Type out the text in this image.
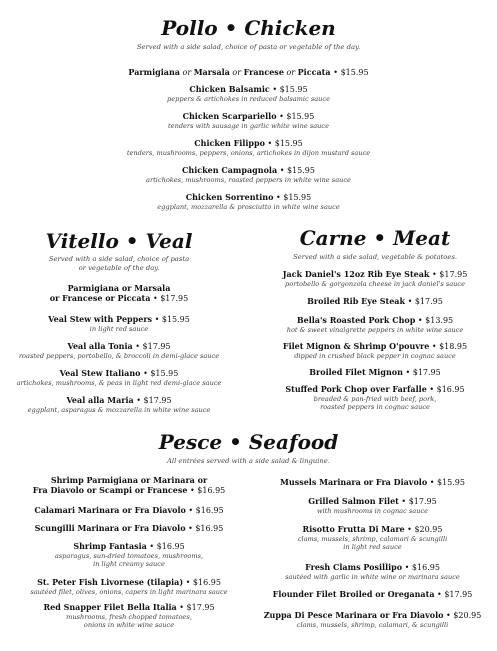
Pollo • Chicken
Served with a side salad, choice of pasta or vegetable of the day.
Parmigiana or Marsala or Francese or Piccata • $15.95
Chicken Balsamic • $15.95
peppers & artichokes in reduced balsamic sauce
Chicken Scarpariello • $15.95
tenders with sausage in garlic white wine sauce
Chicken Filippo • $15.95
tenders, mushrooms, peppers, onions, artichokes in dijon mustard sauce
Chicken Campagnola • $15.95
artichokes, mushrooms, roasted peppers in white wine sauce
Chicken Sorrentino • $15.95
eggplant, mozzarella & prosciutto in white wine sauce
Vitello • Veal
Served with a side salad, choice of pasta
or vegetable of the day.
Parmigiana or Marsala
or Francese or Piccata • $17.95
Veal Stew with Peppers • $15.95
in light red sauce
Veal alla Tonia • $17.95
roasted peppers, portobello, & broccoli in demi-glace sauce
Veal Stew Italiano • $15.95
artichokes, mushrooms, & peas in light red demi-glace sauce
Veal alla Maria • $17.95
eggplant, asparagus & mozzarella in white wine sauce
Carne • Meat
Served with a side salad, vegetable & potatoes.
Jack Daniel's 12oz Rib Eye Steak • $17.95
portobello & gorgonzola cheese in jack daniel's sauce
Broiled Rib Eye Steak • $17.95
Bella's Roasted Pork Chop • $13.95
hot & sweet vinaigrette peppers in white wine sauce
Filet Mignon & Shrimp O'pouvre • $18.95
dipped in crushed black pepper in cognac sauce
Broiled Filet Mignon • $17.95
Stuffed Pork Chop over Farfalle • $16.95
breaded & pan-fried with beef, pork,
roasted peppers in cognac sauce
Pesce • Seafood
All entrées served with a side salad & linguine.
Shrimp Parmigiana or Marinara or
Fra Diavolo or Scampi or Francese • $16.95
Calamari Marinara or Fra Diavolo • $16.95
Scungilli Marinara or Fra Diavolo • $16.95
Shrimp Fantasia • $16.95
asparagus, sun-dried tomatoes, mushrooms,
in light creamy sauce
St. Peter Fish Livornese (tilapia) • $16.95
sautéed filet, olives, onions, capers in light marinara sauce
Red Snapper Filet Bella Italia • $17.95
mushrooms, fresh chopped tomatoes,
onions in white wine sauce
Mussels Marinara or Fra Diavolo • $15.95
Grilled Salmon Filet • $17.95
with mushrooms in cognac sauce
Risotto Frutta Di Mare • $20.95
clams, mussels, shrimp, calamari & scungilli
in light red sauce
Fresh Clams Posillipo • $16.95
sautéed with garlic in white wine or marinara sauce
Flounder Filet Broiled or Oreganata • $17.95
Zuppa Di Pesce Marinara or Fra Diavolo • $20.95
clams, mussels, shrimp, calamari, & scungilli
